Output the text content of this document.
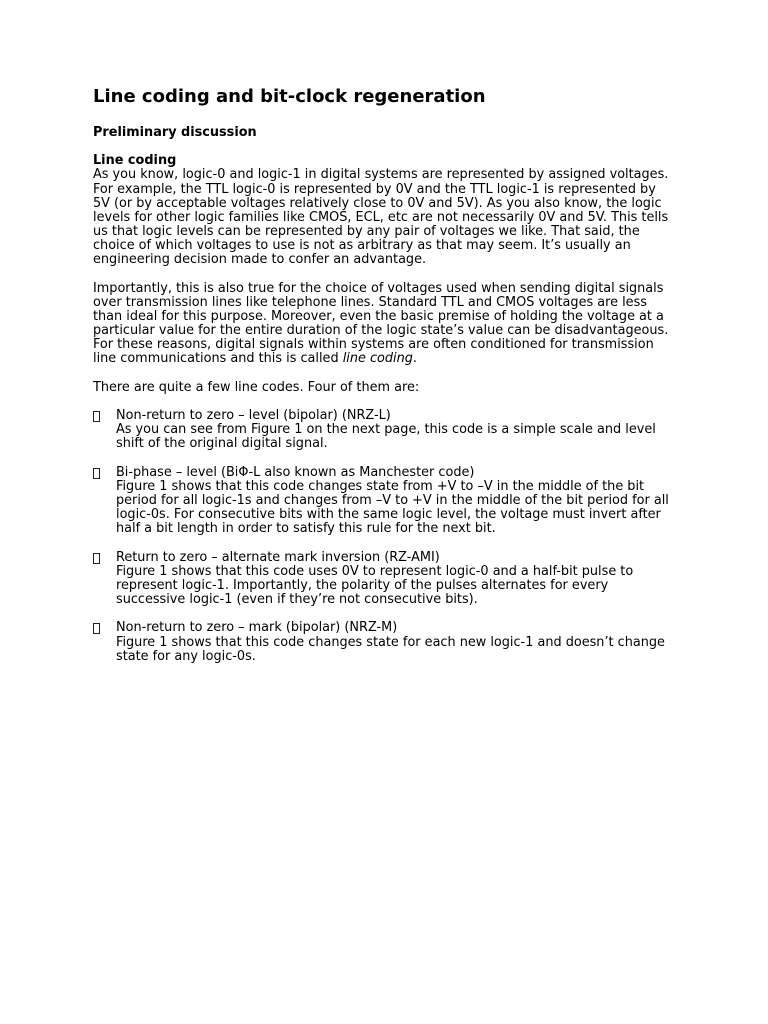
Line coding and bit-clock regeneration
Preliminary discussion
Line coding
As you know, logic-0 and logic-1 in digital systems are represented by assigned voltages.
For example, the TTL logic-0 is represented by 0V and the TTL logic-1 is represented by
5V (or by acceptable voltages relatively close to 0V and 5V). As you also know, the logic
levels for other logic families like CMOS, ECL, etc are not necessarily 0V and 5V. This tells
us that logic levels can be represented by any pair of voltages we like. That said, the
choice of which voltages to use is not as arbitrary as that may seem. It’s usually an
engineering decision made to confer an advantage.
Importantly, this is also true for the choice of voltages used when sending digital signals
over transmission lines like telephone lines. Standard TTL and CMOS voltages are less
than ideal for this purpose. Moreover, even the basic premise of holding the voltage at a
particular value for the entire duration of the logic state’s value can be disadvantageous.
For these reasons, digital signals within systems are often conditioned for transmission
line communications and this is called line coding.
There are quite a few line codes. Four of them are:
Non-return to zero – level (bipolar) (NRZ-L)
As you can see from Figure 1 on the next page, this code is a simple scale and level
shift of the original digital signal.
Bi-phase – level (BiΦ-L also known as Manchester code)
Figure 1 shows that this code changes state from +V to –V in the middle of the bit
period for all logic-1s and changes from –V to +V in the middle of the bit period for all
logic-0s. For consecutive bits with the same logic level, the voltage must invert after
half a bit length in order to satisfy this rule for the next bit.
Return to zero – alternate mark inversion (RZ-AMI)
Figure 1 shows that this code uses 0V to represent logic-0 and a half-bit pulse to
represent logic-1. Importantly, the polarity of the pulses alternates for every
successive logic-1 (even if they’re not consecutive bits).
Non-return to zero – mark (bipolar) (NRZ-M)
Figure 1 shows that this code changes state for each new logic-1 and doesn’t change
state for any logic-0s.
